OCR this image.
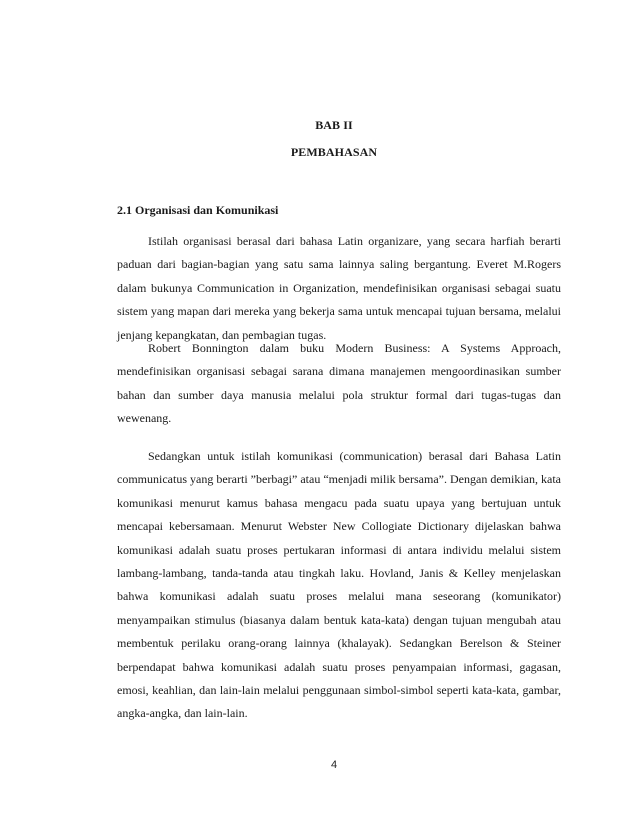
BAB II
PEMBAHASAN
2.1 Organisasi dan Komunikasi

Istilah organisasi berasal dari bahasa Latin organizare, yang secara harfiah berarti paduan dari bagian-bagian yang satu sama lainnya saling bergantung. Everet M.Rogers dalam bukunya Communication in Organization, mendefinisikan organisasi sebagai suatu sistem yang mapan dari mereka yang bekerja sama untuk mencapai tujuan bersama, melalui jenjang kepangkatan, dan pembagian tugas.

Robert Bonnington dalam buku Modern Business: A Systems Approach, mendefinisikan organisasi sebagai sarana dimana manajemen mengoordinasikan sumber bahan dan sumber daya manusia melalui pola struktur formal dari tugas-tugas dan wewenang.

Sedangkan untuk istilah komunikasi (communication) berasal dari Bahasa Latin communicatus yang berarti ”berbagi” atau “menjadi milik bersama”. Dengan demikian, kata komunikasi menurut kamus bahasa mengacu pada suatu upaya yang bertujuan untuk mencapai kebersamaan. Menurut Webster New Collogiate Dictionary dijelaskan bahwa komunikasi adalah suatu proses pertukaran informasi di antara individu melalui sistem lambang-lambang, tanda-tanda atau tingkah laku. Hovland, Janis & Kelley menjelaskan bahwa komunikasi adalah suatu proses melalui mana seseorang (komunikator) menyampaikan stimulus (biasanya dalam bentuk kata-kata) dengan tujuan mengubah atau membentuk perilaku orang-orang lainnya (khalayak). Sedangkan Berelson & Steiner berpendapat bahwa komunikasi adalah suatu proses penyampaian informasi, gagasan, emosi, keahlian, dan lain-lain melalui penggunaan simbol-simbol seperti kata-kata, gambar, angka-angka, dan lain-lain.

4
